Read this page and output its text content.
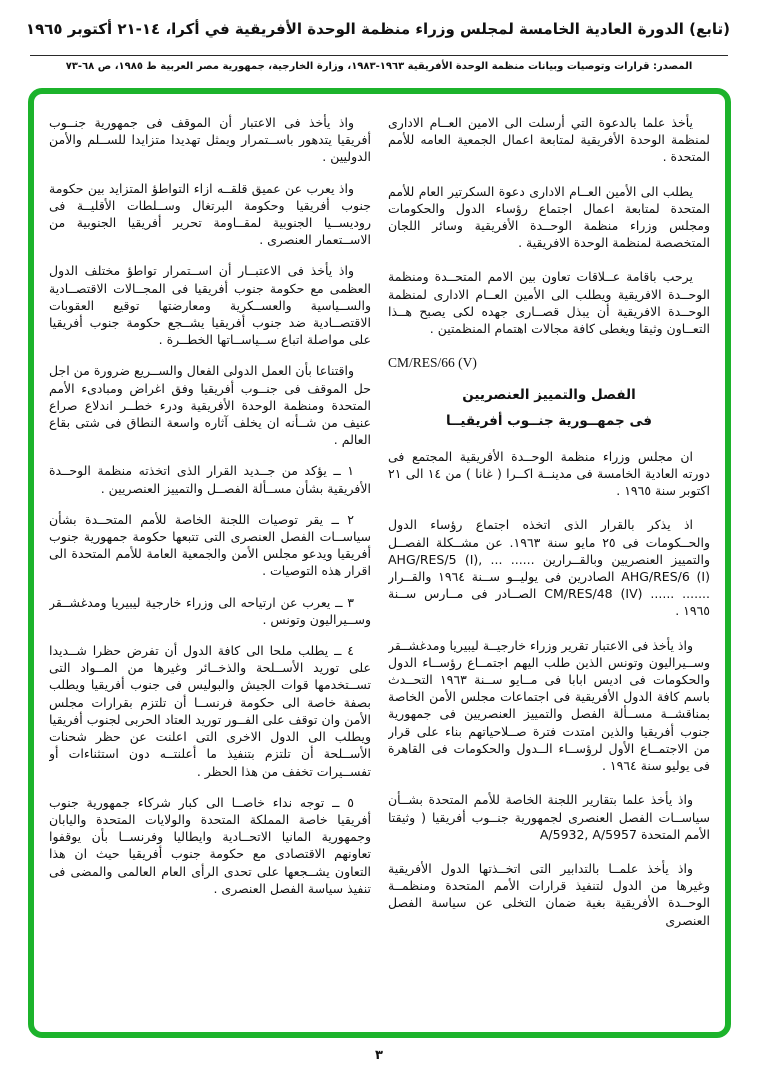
(تابع) الدورة العادية الخامسة لمجلس وزراء منظمة الوحدة الأفريقية في أكرا، ١٤-٢١ أكتوبر ١٩٦٥
المصدر: قرارات وتوصيات وبيانات منظمة الوحدة الأفريقية ١٩٦٣-١٩٨٣، وزارة الخارجية، جمهورية مصر العربية ط ١٩٨٥، ص ٦٨-٧٣
يأخذ علما بالدعوة التي أرسلت الى الامين العــام الادارى لمنظمة الوحدة الأفريقية لمتابعة اعمال الجمعية العامه للأمم المتحدة .
يطلب الى الأمين العــام الادارى دعوة السكرتير العام للأمم المتحدة لمتابعة اعمال اجتماع رؤساء الدول والحكومات ومجلس وزراء منظمة الوحــدة الأفريقية وسائر اللجان المتخصصة لمنظمة الوحدة الافريقية .
يرحب باقامة عــلاقات تعاون بين الامم المتحــدة ومنظمة الوحــدة الافريقية ويطلب الى الأمين العــام الادارى لمنظمة الوحــدة الافريقية أن يبذل قصــارى جهده لكى يصبح هــذا التعــاون وثيقا ويغطى كافة مجالات اهتمام المنظمتين .
CM/RES/66 (V)
الفصل والتمييز العنصريين
فى جمهــورية جنــوب أفريقيــا
ان مجلس وزراء منظمة الوحــدة الأفريقية المجتمع فى دورته العادية الخامسة فى مدينــة اكــرا ( غانا ) من ١٤ الى ٢١ اكتوبر سنة ١٩٦٥ .
اذ يذكر بالقرار الذى اتخذه اجتماع رؤساء الدول والحــكومات فى ٢٥ مايو سنة ١٩٦٣. عن مشــكلة الفصــل والتمييز العنصريين وبالقــرارين ...... ... AHG/RES/5 (I), AHG/RES/6 (I) الصادرين فى يوليــو ســنة ١٩٦٤ والقــرار ....... ...... CM/RES/48 (IV) الصــادر فى مــارس ســنة ١٩٦٥ .
واذ يأخذ فى الاعتبار تقرير وزراء خارجيــة ليبيريا ومدغشــقر وســيراليون وتونس الذين طلب اليهم اجتمــاع رؤســاء الدول والحكومات فى اديس ابابا فى مــايو ســنة ١٩٦٣ التحــدث باسم كافة الدول الأفريقية فى اجتماعات مجلس الأمن الخاصة بمناقشــة مســألة الفصل والتمييز العنصريين فى جمهورية جنوب أفريقيا والذين امتدت فترة صــلاحياتهم بناء على قرار من الاجتمــاع الأول لرؤســاء الــدول والحكومات فى القاهرة فى يوليو سنة ١٩٦٤ .
واذ يأخذ علما بتقارير اللجنة الخاصة للأمم المتحدة بشــأن سياســات الفصل العنصرى لجمهورية جنــوب أفريقيا ( وثيقتا الأمم المتحدة A/5932, A/5957
واذ يأخذ علمــا بالتدابير التى اتخــذتها الدول الأفريقية وغيرها من الدول لتنفيذ قرارات الأمم المتحدة ومنظمــة الوحــدة الأفريقية بغية ضمان التخلى عن سياسة الفصل العنصرى
واذ يأخذ فى الاعتبار أن الموقف فى جمهورية جنــوب أفريقيا يتدهور باســتمرار ويمثل تهديدا متزايدا للســلم والأمن الدوليين .
واذ يعرب عن عميق قلقــه ازاء التواطؤ المتزايد بين حكومة جنوب أفريقيا وحكومة البرتغال وســلطات الأقليــة فى روديســيا الجنوبية لمقــاومة تحرير أفريقيا الجنوبية من الاســتعمار العنصرى .
واذ يأخذ فى الاعتبــار أن اســتمرار تواطؤ مختلف الدول العظمى مع حكومة جنوب أفريقيا فى المجــالات الاقتصــادية والســياسية والعســكرية ومعارضتها توقيع العقوبات الاقتصــادية ضد جنوب أفريقيا يشــجع حكومة جنوب أفريقيا على مواصلة اتباع ســياســاتها الخطــرة .
واقتناعا بأن العمل الدولى الفعال والســريع ضرورة من اجل حل الموقف فى جنــوب أفريقيا وفق اغراض ومبادىء الأمم المتحدة ومنظمة الوحدة الأفريقية ودرء خطــر اندلاع صراع عنيف من شــأنه ان يخلف آثاره واسعة النطاق فى شتى بقاع العالم .
١ ــ يؤكد من جــديد القرار الذى اتخذته منظمة الوحــدة الأفريقية بشأن مســألة الفصــل والتمييز العنصريين .
٢ ــ يقر توصيات اللجنة الخاصة للأمم المتحــدة بشأن سياســات الفصل العنصرى التى تتبعها حكومة جمهورية جنوب أفريقيا ويدعو مجلس الأمن والجمعية العامة للأمم المتحدة الى اقرار هذه التوصيات .
٣ ــ يعرب عن ارتياحه الى وزراء خارجية ليبيريا ومدغشــقر وســيراليون وتونس .
٤ ــ يطلب ملحا الى كافة الدول أن تفرض حظرا شــديدا على توريد الأســلحة والذخــائر وغيرها من المــواد التى تســتخدمها قوات الجيش والبوليس فى جنوب أفريقيا ويطلب بصفة خاصة الى حكومة فرنســا أن تلتزم بقرارات مجلس الأمن وان توقف على الفــور توريد العتاد الحربى لجنوب أفريقيا ويطلب الى الدول الاخرى التى اعلنت عن حظر شحنات الأســلحة أن تلتزم بتنفيذ ما أعلنتــه دون استثناءات أو تفســيرات تخفف من هذا الحظر .
٥ ــ توجه نداء خاصــا الى كبار شركاء جمهورية جنوب أفريقيا خاصة المملكة المتحدة والولايات المتحدة واليابان وجمهورية المانيا الاتحــادية وايطاليا وفرنســا بأن يوقفوا تعاونهم الاقتصادى مع حكومة جنوب أفريقيا حيث ان هذا التعاون يشــجعها على تحدى الرأى العام العالمى والمضى فى تنفيذ سياسة الفصل العنصرى .
٣
